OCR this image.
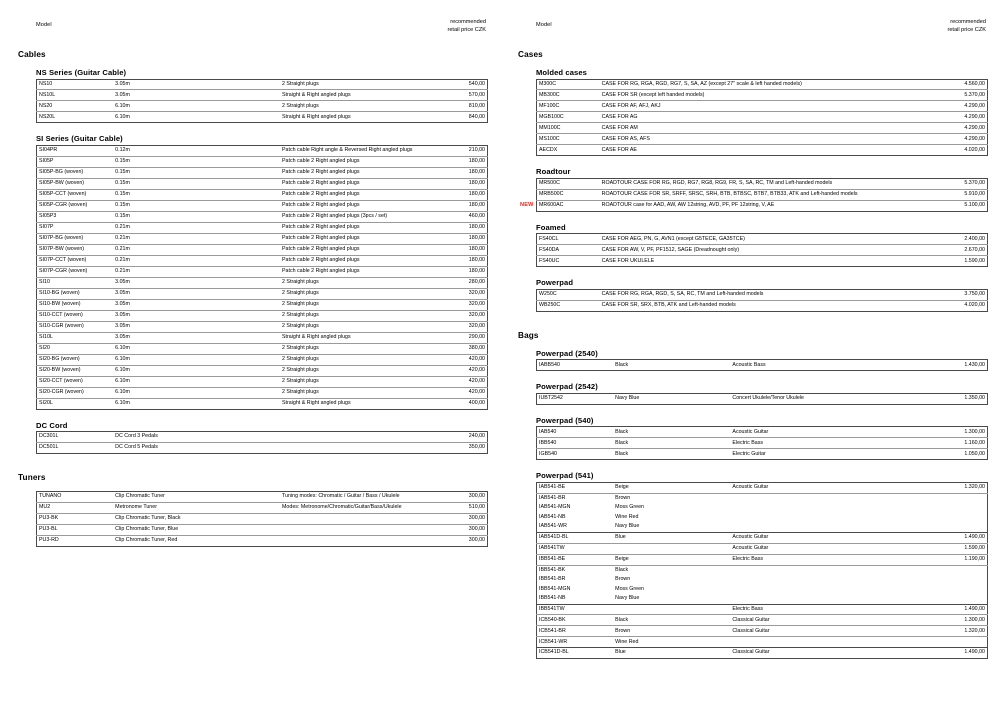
Model	recommended
retail price CZK
Cables
NS Series (Guitar Cable)
NS10	3.05m	2 Straight plugs	540,00
NS10L	3.05m	Straight & Right angled plugs	570,00
NS20	6.10m	2 Straight plugs	810,00
NS20L	6.10m	Straight & Right angled plugs	840,00
SI Series (Guitar Cable)
SI04PR	0.12m	Patch cable Right angle & Reversed Right angled plugs	210,00
SI05P	0.15m	Patch cable 2 Right angled plugs	180,00
SI05P-BG (woven)	0.15m	Patch cable 2 Right angled plugs	180,00
SI05P-BW (woven)	0.15m	Patch cable 2 Right angled plugs	180,00
SI05P-CCT (woven)	0.15m	Patch cable 2 Right angled plugs	180,00
SI05P-CGR (woven)	0.15m	Patch cable 2 Right angled plugs	180,00
SI05P3	0.15m	Patch cable 2 Right angled plugs (3pcs / set)	460,00
SI07P	0.21m	Patch cable 2 Right angled plugs	180,00
SI07P-BG (woven)	0.21m	Patch cable 2 Right angled plugs	180,00
SI07P-BW (woven)	0.21m	Patch cable 2 Right angled plugs	180,00
SI07P-CCT (woven)	0.21m	Patch cable 2 Right angled plugs	180,00
SI07P-CGR (woven)	0.21m	Patch cable 2 Right angled plugs	180,00
SI10	3.05m	2 Straight plugs	280,00
SI10-BG (woven)	3.05m	2 Straight plugs	320,00
SI10-BW (woven)	3.05m	2 Straight plugs	320,00
SI10-CCT (woven)	3.05m	2 Straight plugs	320,00
SI10-CGR (woven)	3.05m	2 Straight plugs	320,00
SI10L	3.05m	Straight & Right angled plugs	290,00
SI20	6.10m	2 Straight plugs	380,00
SI20-BG (woven)	6.10m	2 Straight plugs	420,00
SI20-BW (woven)	6.10m	2 Straight plugs	420,00
SI20-CCT (woven)	6.10m	2 Straight plugs	420,00
SI20-CGR (woven)	6.10m	2 Straight plugs	420,00
SI20L	6.10m	Straight & Right angled plugs	400,00
DC Cord
DC301L	DC Cord 3 Pedals	240,00
DC501L	DC Cord 5 Pedals	350,00
Tuners
TUNANO	Clip Chromatic Tuner	Tuning modes: Chromatic / Guitar / Bass / Ukulele	300,00
MU2	Metronome Tuner	Modes: Metronome/Chromatic/Guitar/Bass/Ukulele	510,00
PU3-BK	Clip Chromatic Tuner, Black		300,00
PU3-BL	Clip Chromatic Tuner, Blue		300,00
PU3-RD	Clip Chromatic Tuner, Red		300,00
Model	recommended
retail price CZK
Cases
Molded cases
M300C	CASE FOR RG, RGA, RGD, RG7, S, SA, AZ (except 27" scale & left handed models)	4.560,00
MB300C	CASE FOR SR (except left handed models)	5.370,00
MF100C	CASE FOR AF, AFJ, AKJ	4.290,00
MGB100C	CASE FOR AG	4.290,00
MM100C	CASE FOR AM	4.290,00
MS100C	CASE FOR AS, AFS	4.290,00
AECDX	CASE FOR AE	4.020,00
Roadtour
MR500C	ROADTOUR CASE FOR RG, RGD, RG7, RG8, RG9, FR, S, SA, RC, TM and Left-handed models	5.370,00
MRB500C	ROADTOUR CASE FOR SR, SRFF, SRSC, SRH, BTB, BTBSC, BTB7, BTB33, ATK and Left-handed models	5.910,00
MR600AC	ROADTOUR case for AAD, AW, AW 12string, AVD, PF, PF 12string, V, AE	5.100,00
NEW
Foamed
FS40CL	CASE FOR AEG, PN, G, AVN1 (except G5TECE, GA35TCE)	2.400,00
FS40DA	CASE FOR AW, V, PF, PF1512, SAGE (Dreadnought only)	2.670,00
FS40UC	CASE FOR UKULELE	1.590,00
Powerpad
W250C	CASE FOR RG, RGA, RGD, S, SA, RC, TM and Left-handed models	3.750,00
WB250C	CASE FOR SR, SRX, BTB, ATK and Left-handed models	4.020,00
Bags
Powerpad (2540)
IABB540	Black	Acoustic Bass	1.430,00
Powerpad (2542)
IUBT2542	Navy Blue	Concert Ukulele/Tenor Ukulele	1.350,00
Powerpad (540)
IAB540	Black	Acoustic Guitar	1.300,00
IBB540	Black	Electric Bass	1.160,00
IGB540	Black	Electric Guitar	1.050,00
Powerpad (541)
IAB541-BE	Beige	Acoustic Guitar	1.320,00
IAB541-BR	Brown		
IAB541-MGN	Moss Green		
IAB541-NB	Wine Red		
IAB541-WR	Navy Blue		
IAB541D-BL	Blue	Acoustic Guitar	1.490,00
IAB541TW		Acoustic Guitar	1.590,00
IBB541-BE	Beige	Electric Bass	1.190,00
IBB541-BK	Black		
IBB541-BR	Brown		
IBB541-MGN	Moss Green		
IBB541-NB	Navy Blue		
IBB541TW		Electric Bass	1.490,00
ICB540-BK	Black	Classical Guitar	1.300,00
ICB541-BR	Brown	Classical Guitar	1.320,00
ICB541-WR	Wine Red		
ICB541D-BL	Blue	Classical Guitar	1.490,00
